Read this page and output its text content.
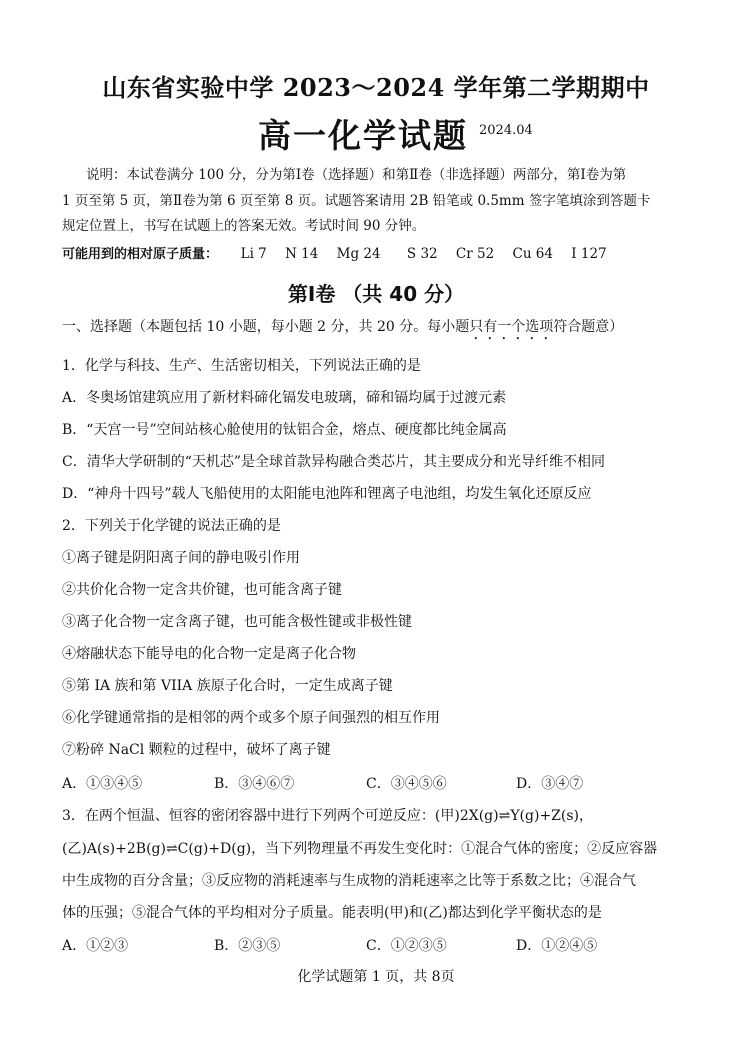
山东省实验中学 2023～2024 学年第二学期期中
高一化学试题 2024.04
说明：本试卷满分 100 分，分为第Ⅰ卷（选择题）和第Ⅱ卷（非选择题）两部分，第Ⅰ卷为第
1 页至第 5 页，第Ⅱ卷为第 6 页至第 8 页。试题答案请用 2B 铅笔或 0.5mm 签字笔填涂到答题卡
规定位置上，书写在试题上的答案无效。考试时间 90 分钟。
可能用到的相对原子质量： Li 7 N 14 Mg 24 S 32 Cr 52 Cu 64 I 127
第Ⅰ卷 （共 40 分）
一、选择题（本题包括 10 小题，每小题 2 分，共 20 分。每小题只有一个选项符合题意）
1．化学与科技、生产、生活密切相关，下列说法正确的是
A．冬奥场馆建筑应用了新材料碲化镉发电玻璃，碲和镉均属于过渡元素
B．“天宫一号”空间站核心舱使用的钛铝合金，熔点、硬度都比纯金属高
C．清华大学研制的“天机芯”是全球首款异构融合类芯片，其主要成分和光导纤维不相同
D．“神舟十四号”载人飞船使用的太阳能电池阵和锂离子电池组，均发生氧化还原反应
2．下列关于化学键的说法正确的是
①离子键是阴阳离子间的静电吸引作用
②共价化合物一定含共价键，也可能含离子键
③离子化合物一定含离子键，也可能含极性键或非极性键
④熔融状态下能导电的化合物一定是离子化合物
⑤第 IA 族和第 VIIA 族原子化合时，一定生成离子键
⑥化学键通常指的是相邻的两个或多个原子间强烈的相互作用
⑦粉碎 NaCl 颗粒的过程中，破坏了离子键
A．①③④⑤	B．③④⑥⑦	C．③④⑤⑥	D．③④⑦
3．在两个恒温、恒容的密闭容器中进行下列两个可逆反应：(甲)2X(g)⇌Y(g)+Z(s)，
(乙)A(s)+2B(g)⇌C(g)+D(g)，当下列物理量不再发生变化时：①混合气体的密度；②反应容器
中生成物的百分含量；③反应物的消耗速率与生成物的消耗速率之比等于系数之比；④混合气
体的压强；⑤混合气体的平均相对分子质量。能表明(甲)和(乙)都达到化学平衡状态的是
A．①②③	B．②③⑤	C．①②③⑤	D．①②④⑤
化学试题第 1 页，共 8页
